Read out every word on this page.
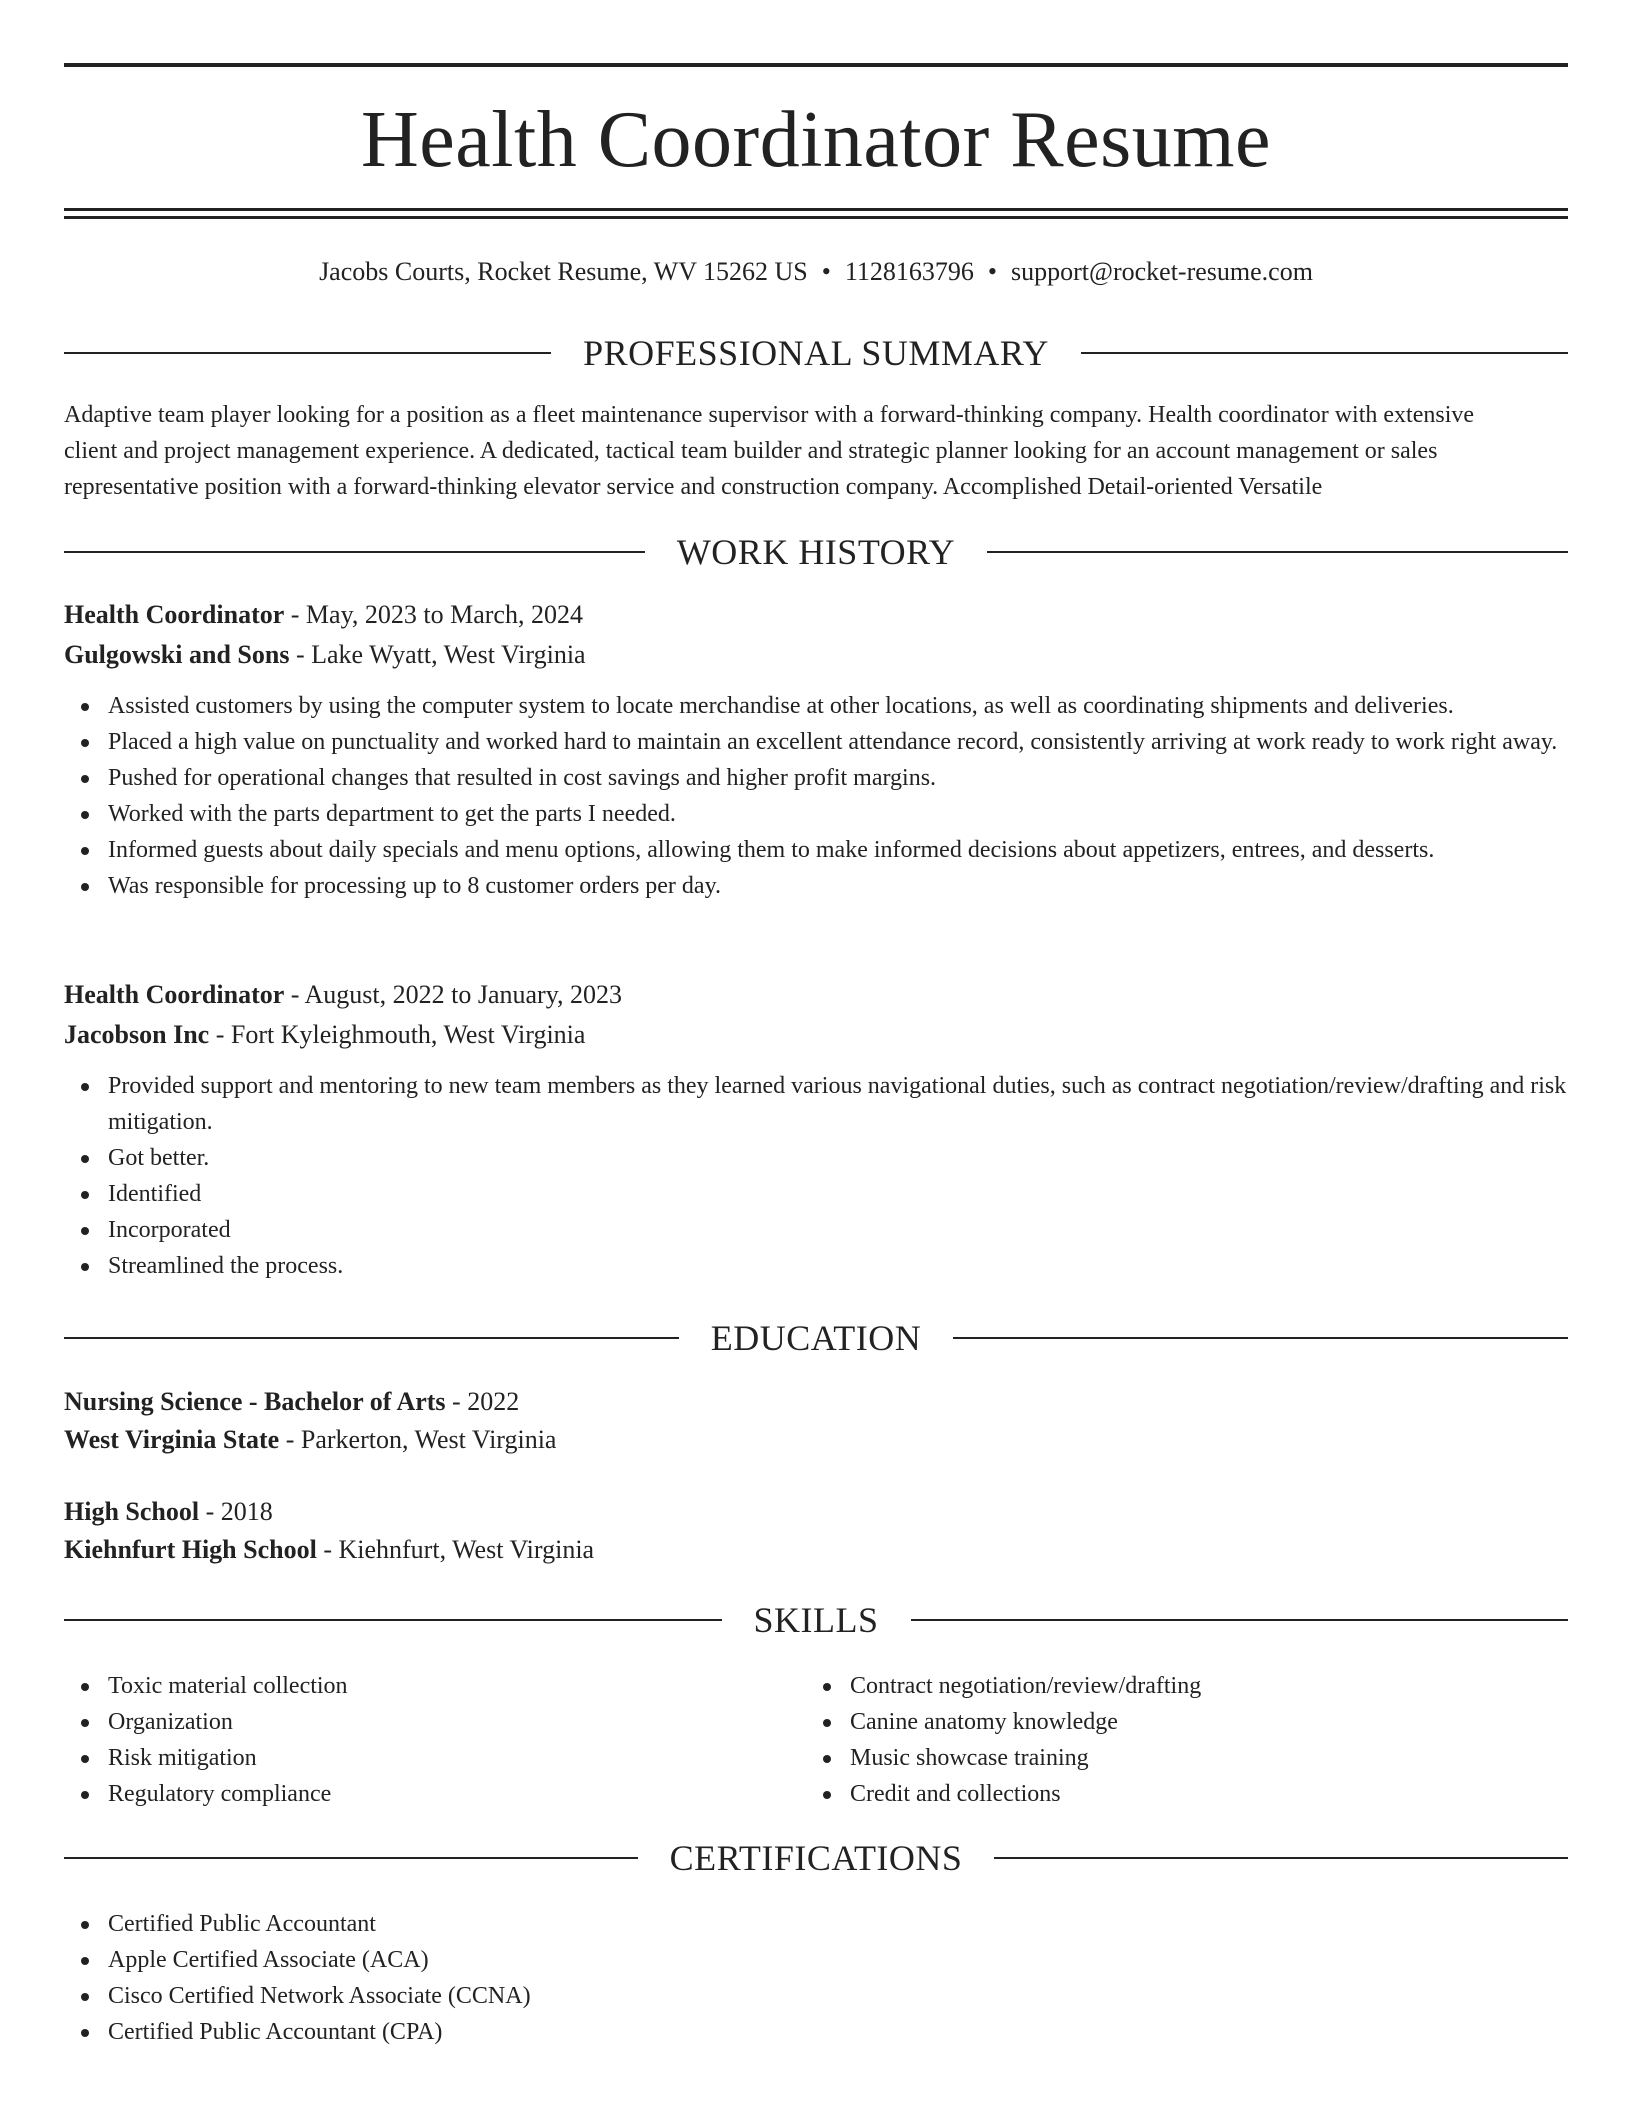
Health Coordinator Resume
Jacobs Courts, Rocket Resume, WV 15262 US • 1128163796 • support@rocket-resume.com
PROFESSIONAL SUMMARY
Adaptive team player looking for a position as a fleet maintenance supervisor with a forward-thinking company. Health coordinator with extensive
client and project management experience. A dedicated, tactical team builder and strategic planner looking for an account management or sales
representative position with a forward-thinking elevator service and construction company. Accomplished Detail-oriented Versatile
WORK HISTORY
Health Coordinator - May, 2023 to March, 2024
Gulgowski and Sons - Lake Wyatt, West Virginia
Assisted customers by using the computer system to locate merchandise at other locations, as well as coordinating shipments and deliveries.
Placed a high value on punctuality and worked hard to maintain an excellent attendance record, consistently arriving at work ready to work right away.
Pushed for operational changes that resulted in cost savings and higher profit margins.
Worked with the parts department to get the parts I needed.
Informed guests about daily specials and menu options, allowing them to make informed decisions about appetizers, entrees, and desserts.
Was responsible for processing up to 8 customer orders per day.
Health Coordinator - August, 2022 to January, 2023
Jacobson Inc - Fort Kyleighmouth, West Virginia
Provided support and mentoring to new team members as they learned various navigational duties, such as contract negotiation/review/drafting and risk mitigation.
Got better.
Identified
Incorporated
Streamlined the process.
EDUCATION
Nursing Science - Bachelor of Arts - 2022
West Virginia State - Parkerton, West Virginia
High School - 2018
Kiehnfurt High School - Kiehnfurt, West Virginia
SKILLS
Toxic material collection
Organization
Risk mitigation
Regulatory compliance
Contract negotiation/review/drafting
Canine anatomy knowledge
Music showcase training
Credit and collections
CERTIFICATIONS
Certified Public Accountant
Apple Certified Associate (ACA)
Cisco Certified Network Associate (CCNA)
Certified Public Accountant (CPA)
